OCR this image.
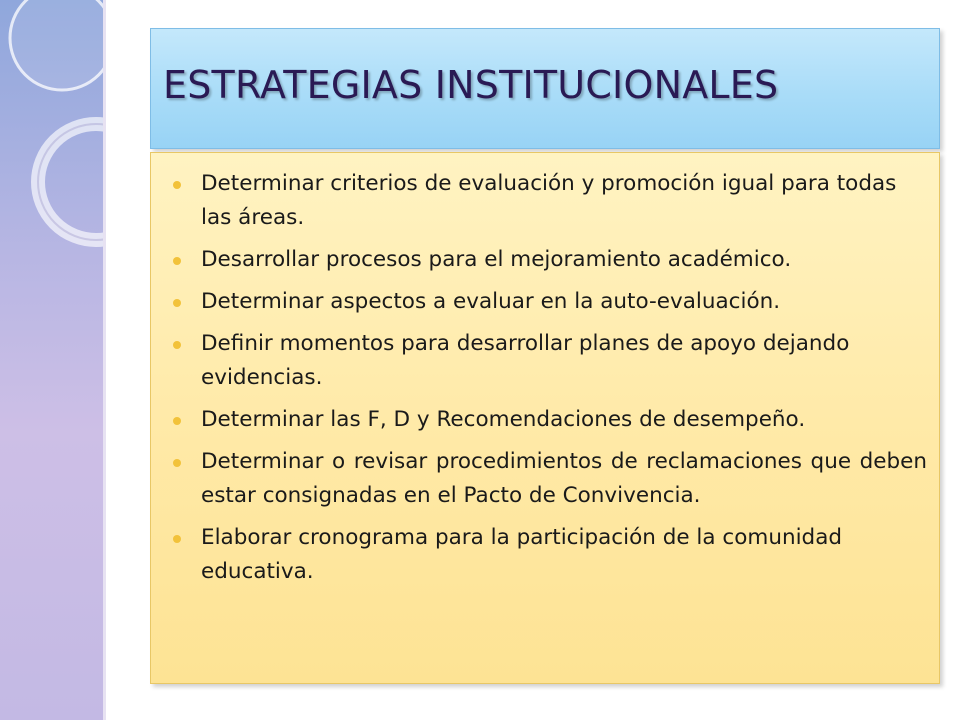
ESTRATEGIAS INSTITUCIONALES
Determinar criterios de evaluación y promoción igual para todas las áreas.
Desarrollar procesos para el mejoramiento académico.
Determinar aspectos a evaluar en la auto-evaluación.
Definir momentos para desarrollar planes de apoyo dejando evidencias.
Determinar las F, D y Recomendaciones de desempeño.
Determinar o revisar procedimientos de reclamaciones que deben estar consignadas en el Pacto de Convivencia.
Elaborar cronograma para la participación de la comunidad educativa.
